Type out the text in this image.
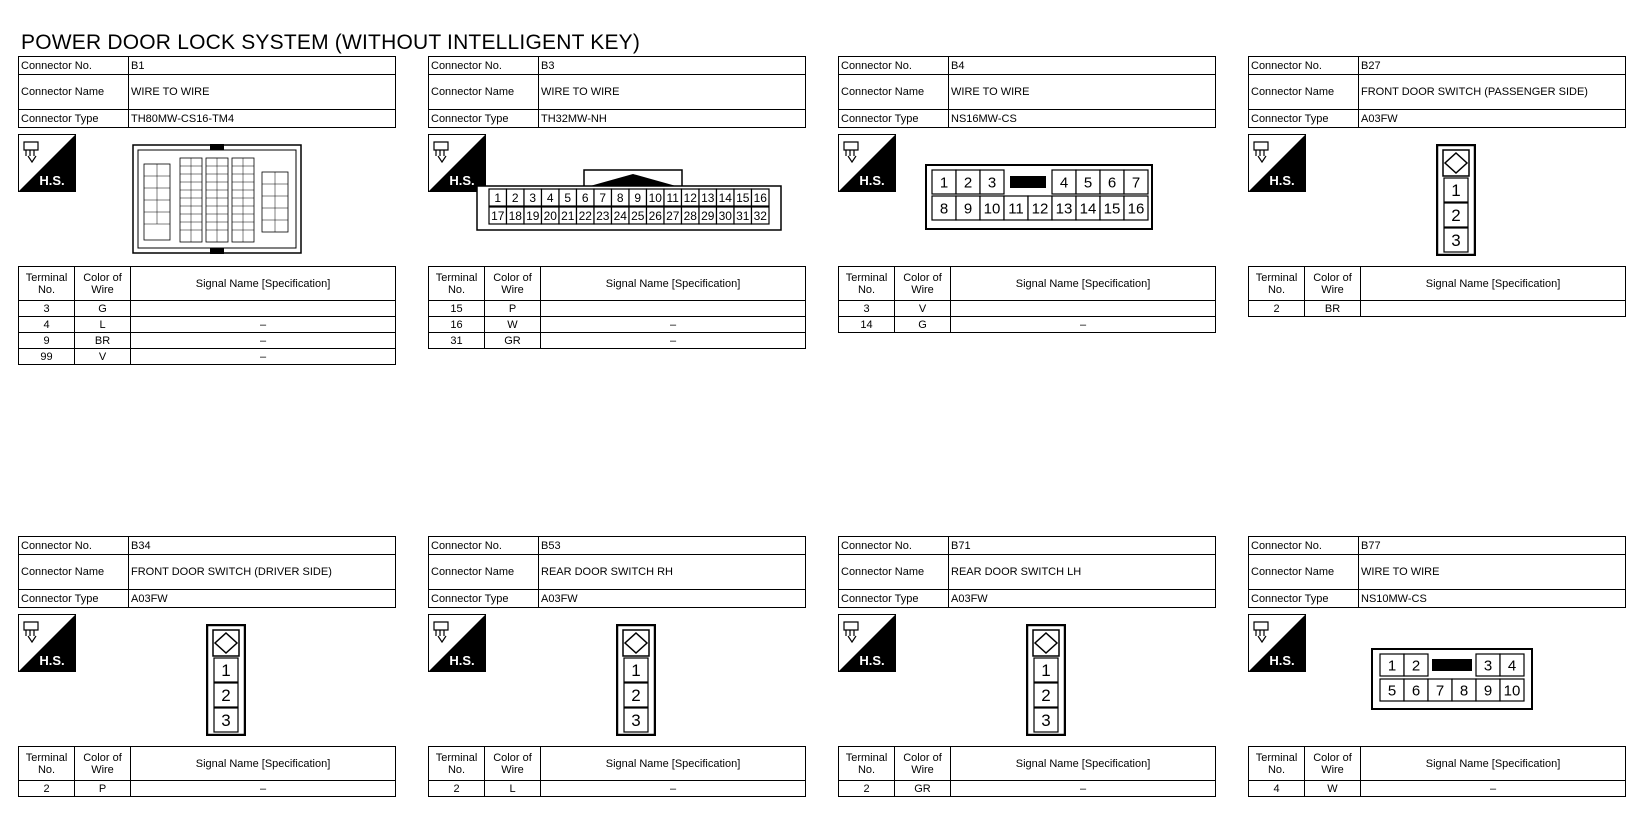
POWER DOOR LOCK SYSTEM (WITHOUT INTELLIGENT KEY)
Connector No.	B1
Connector Name	WIRE TO WIRE
Connector Type	TH80MW-CS16-TM4
H.S.
Terminal No.	Color of Wire	Signal Name [Specification]
3	G	
4	L	–
9	BR	–
99	V	–
Connector No.	B3
Connector Name	WIRE TO WIRE
Connector Type	TH32MW-NH
H.S.
1 2 3 4 5 6 7 8 9 10 11 12 13 14 15 16
17 18 19 20 21 22 23 24 25 26 27 28 29 30 31 32
Terminal No.	Color of Wire	Signal Name [Specification]
15	P	
16	W	–
31	GR	–
Connector No.	B4
Connector Name	WIRE TO WIRE
Connector Type	NS16MW-CS
H.S.	1 2 3	4 5 6 7
8 9 10 11 12 13 14 15 16
Terminal No.	Color of Wire	Signal Name [Specification]
3	V	
14	G	–
Connector No.	B27
Connector Name	FRONT DOOR SWITCH (PASSENGER SIDE)
Connector Type	A03FW
H.S.
1
2
3
Terminal No.	Color of Wire	Signal Name [Specification]
2	BR	
Connector No.	B34
Connector Name	FRONT DOOR SWITCH (DRIVER SIDE)
Connector Type	A03FW
H.S.
1
2
3
Terminal No.	Color of Wire	Signal Name [Specification]
2	P	–
Connector No.	B53
Connector Name	REAR DOOR SWITCH RH
Connector Type	A03FW
H.S.
1
2
3
Terminal No.	Color of Wire	Signal Name [Specification]
2	L	–
Connector No.	B71
Connector Name	REAR DOOR SWITCH LH
Connector Type	A03FW
H.S.
1
2
3
Terminal No.	Color of Wire	Signal Name [Specification]
2	GR	–
Connector No.	B77
Connector Name	WIRE TO WIRE
Connector Type	NS10MW-CS
H.S.	1 2	3 4
5 6 7 8 9 10
Terminal No.	Color of Wire	Signal Name [Specification]
4	W	–
